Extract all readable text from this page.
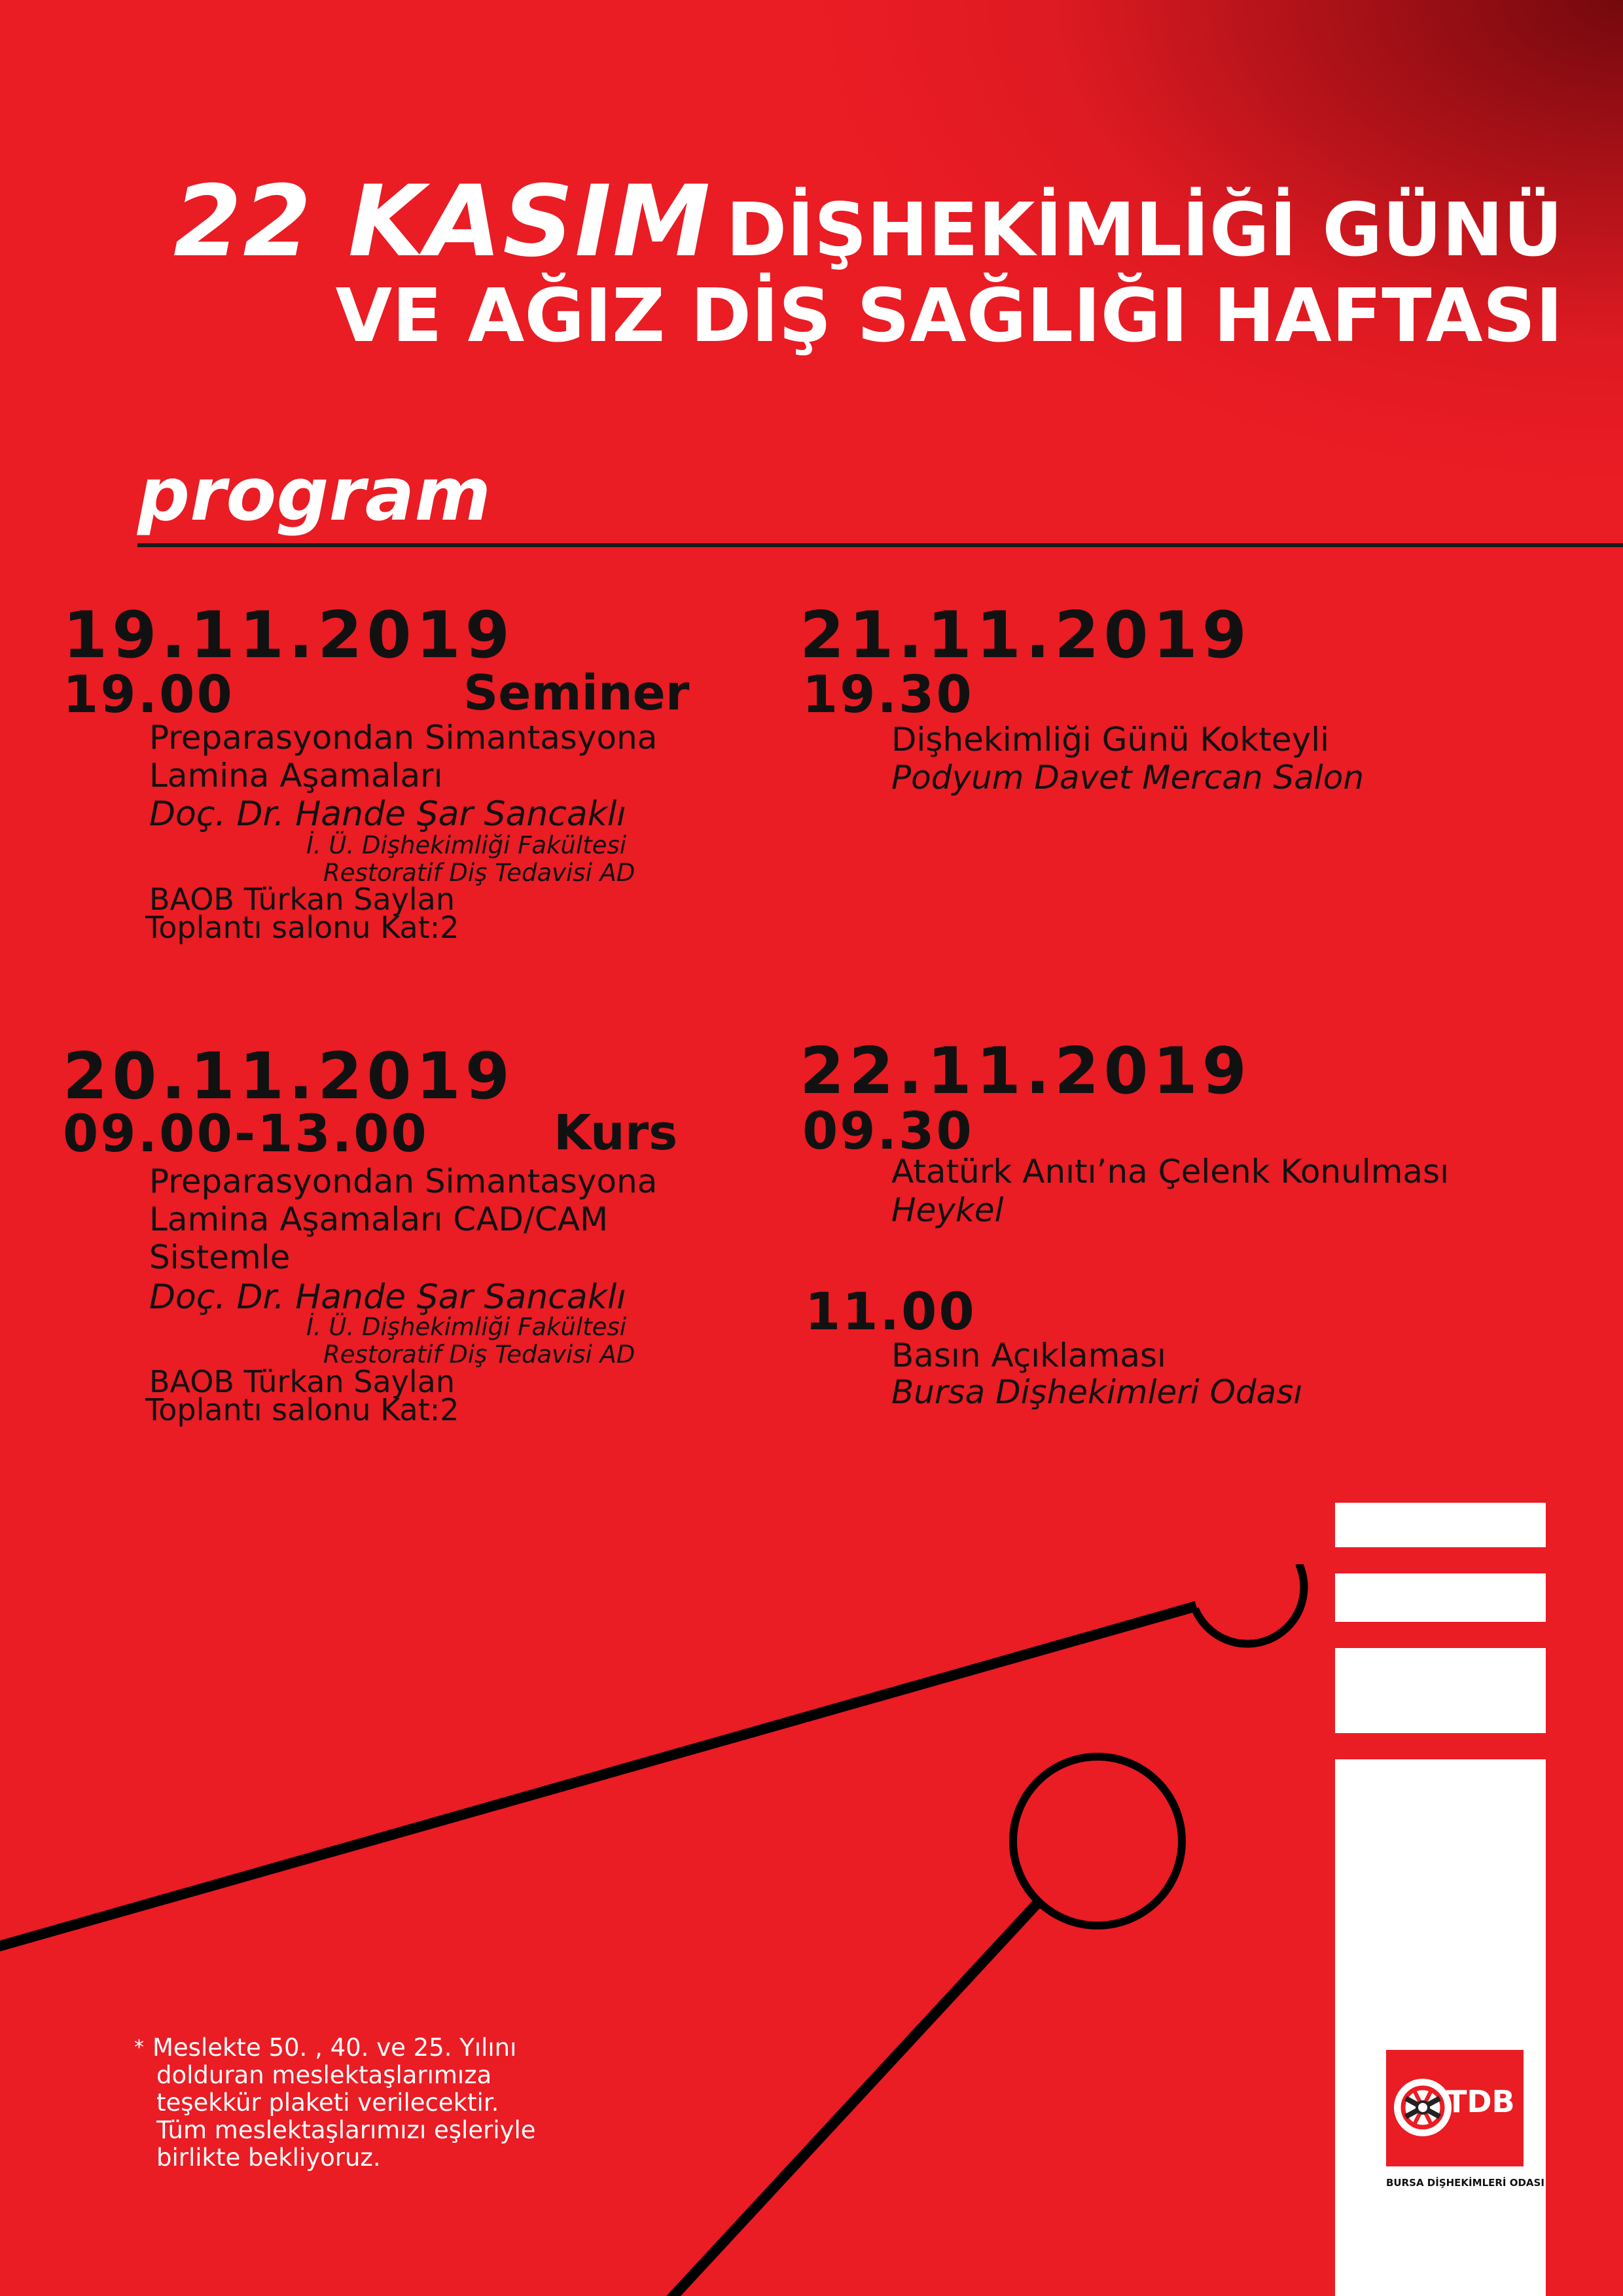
22 KASIM DİŞHEKİMLİĞİ GÜNÜ
VE AĞIZ DİŞ SAĞLIĞI HAFTASI
program
19.11.2019
19.00	Seminer
Preparasyondan Simantasyona
Lamina Aşamaları
Doç. Dr. Hande Şar Sancaklı
İ. Ü. Dişhekimliği Fakültesi
Restoratif Diş Tedavisi AD
BAOB Türkan Saylan
Toplantı salonu Kat:2
20.11.2019
09.00-13.00	Kurs
Preparasyondan Simantasyona
Lamina Aşamaları CAD/CAM
Sistemle
Doç. Dr. Hande Şar Sancaklı
İ. Ü. Dişhekimliği Fakültesi
Restoratif Diş Tedavisi AD
BAOB Türkan Saylan
Toplantı salonu Kat:2
21.11.2019
19.30
Dişhekimliği Günü Kokteyli
Podyum Davet Mercan Salon
22.11.2019
09.30
Atatürk Anıtı’na Çelenk Konulması
Heykel
11.00
Basın Açıklaması
Bursa Dişhekimleri Odası
* Meslekte 50. , 40. ve 25. Yılını
dolduran meslektaşlarımıza
teşekkür plaketi verilecektir.
Tüm meslektaşlarımızı eşleriyle
birlikte bekliyoruz.
TDB
BURSA DİŞHEKİMLERİ ODASI
